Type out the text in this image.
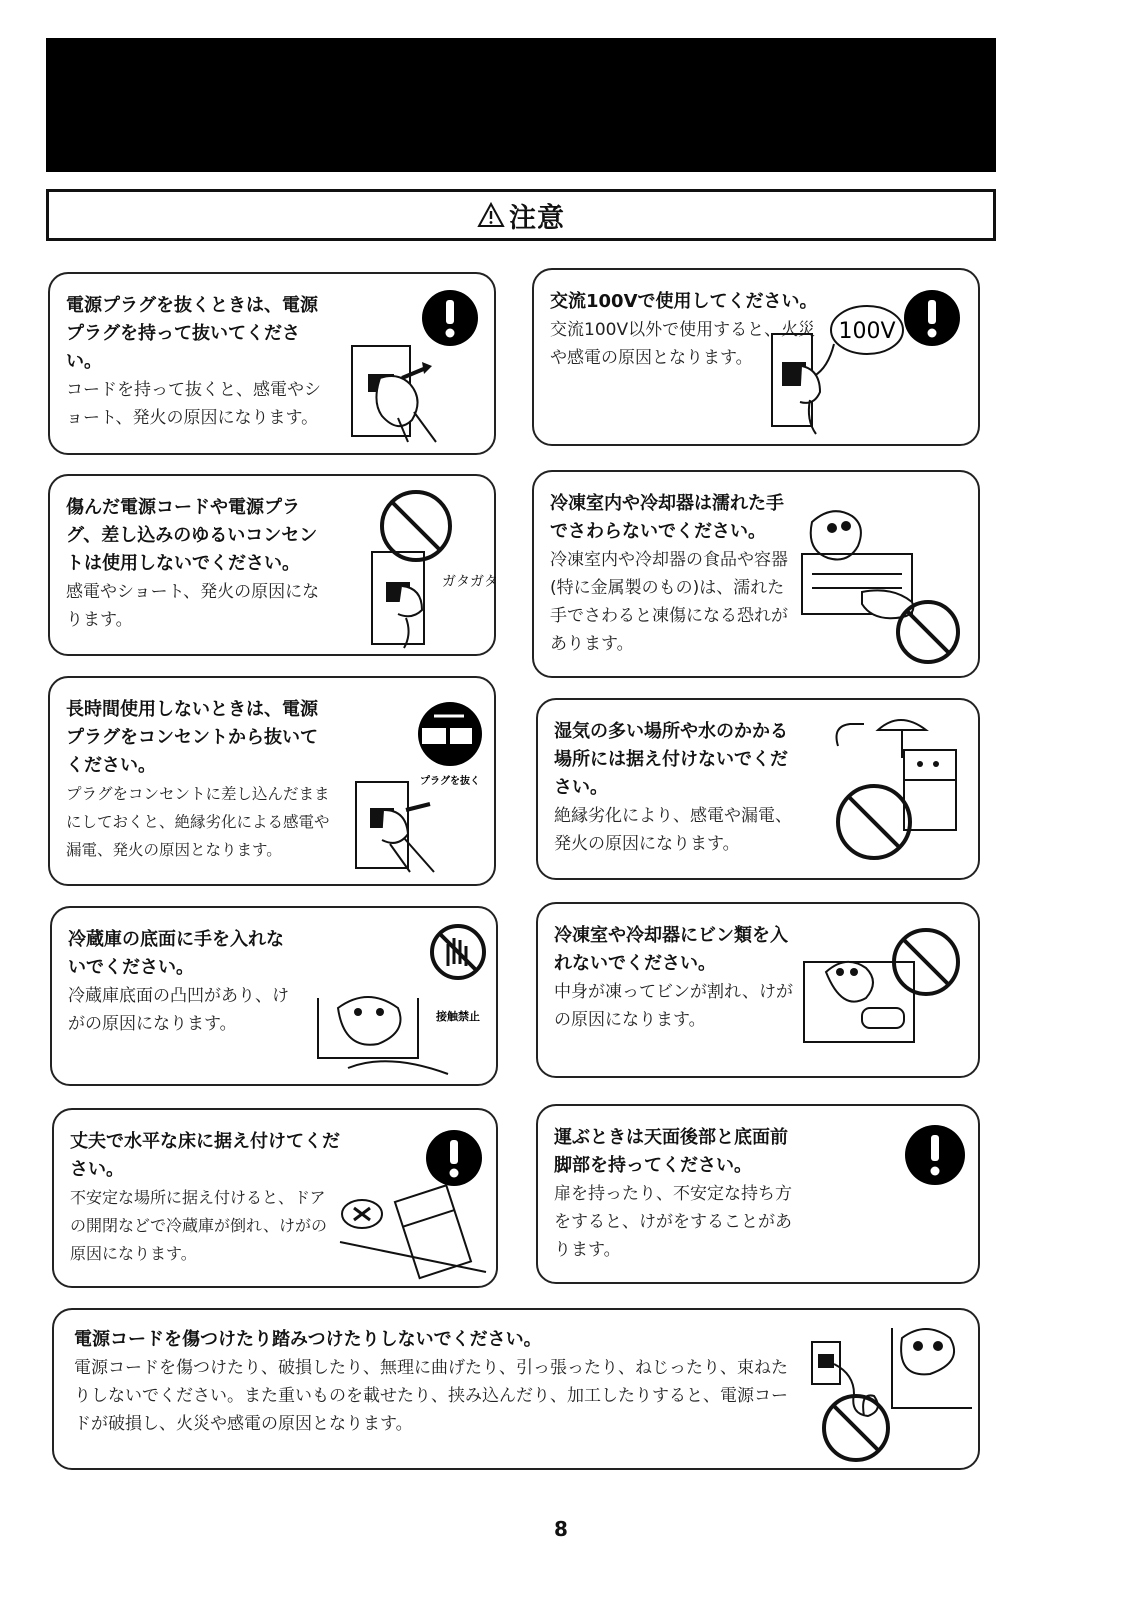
注意
電源プラグを抜くときは、電源プラグを持って抜いてください。
コードを持って抜くと、感電やショート、発火の原因になります。
交流100Vで使用してください。
交流100V以外で使用すると、火災や感電の原因となります。
100V
傷んだ電源コードや電源プラグ、差し込みのゆるいコンセントは使用しないでください。
感電やショート、発火の原因になります。
ガタガタ
冷凍室内や冷却器は濡れた手でさわらないでください。
冷凍室内や冷却器の食品や容器(特に金属製のもの)は、濡れた手でさわると凍傷になる恐れがあります。
長時間使用しないときは、電源プラグをコンセントから抜いてください。
プラグをコンセントに差し込んだままにしておくと、絶縁劣化による感電や漏電、発火の原因となります。
プラグを抜く
湿気の多い場所や水のかかる場所には据え付けないでください。
絶縁劣化により、感電や漏電、発火の原因になります。
冷蔵庫の底面に手を入れないでください。
冷蔵庫底面の凸凹があり、けがの原因になります。	接触禁止
冷凍室や冷却器にビン類を入れないでください。
中身が凍ってビンが割れ、けがの原因になります。
丈夫で水平な床に据え付けてください。
不安定な場所に据え付けると、ドアの開閉などで冷蔵庫が倒れ、けがの原因になります。
運ぶときは天面後部と底面前脚部を持ってください。
扉を持ったり、不安定な持ち方をすると、けがをすることがあります。
電源コードを傷つけたり踏みつけたりしないでください。
電源コードを傷つけたり、破損したり、無理に曲げたり、引っ張ったり、ねじったり、束ねたりしないでください。また重いものを載せたり、挟み込んだり、加工したりすると、電源コードが破損し、火災や感電の原因となります。
8
